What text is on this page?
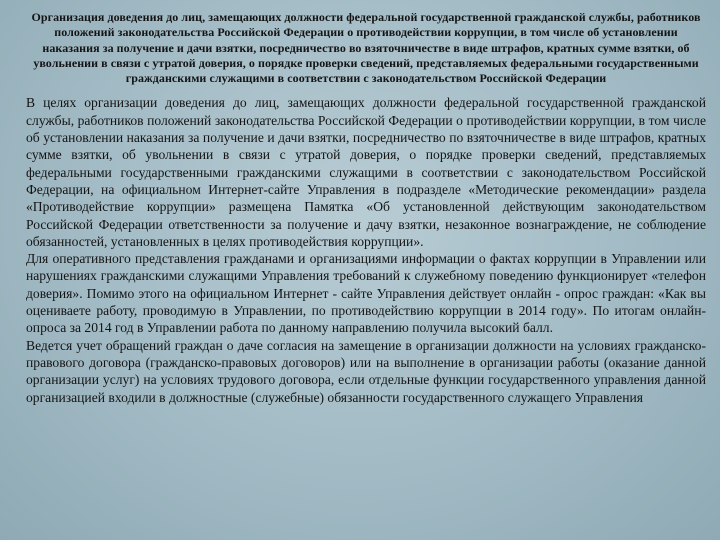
Организация доведения до лиц, замещающих должности федеральной государственной гражданской службы, работников положений законодательства Российской Федерации о противодействии коррупции, в том числе об установлении наказания за получение и дачи взятки, посредничество во взяточничестве в виде штрафов, кратных сумме взятки, об увольнении в связи с утратой доверия, о порядке проверки сведений, представляемых федеральными государственными гражданскими служащими в соответствии с законодательством Российской Федерации

В целях организации доведения до лиц, замещающих должности федеральной государственной гражданской службы, работников положений законодательства Российской Федерации о противодействии коррупции, в том числе об установлении наказания за получение и дачи взятки, посредничество по взяточничестве в виде штрафов, кратных сумме взятки, об увольнении в связи с утратой доверия, о порядке проверки сведений, представляемых федеральными государственными гражданскими служащими в соответствии с законодательством Российской Федерации, на официальном Интернет-сайте Управления в подразделе «Методические рекомендации» раздела «Противодействие коррупции» размещена Памятка «Об установленной действующим законодательством Российской Федерации ответственности за получение и дачу взятки, незаконное вознаграждение, не соблюдение обязанностей, установленных в целях противодействия коррупции».

Для оперативного представления гражданами и организациями информации о фактах коррупции в Управлении или нарушениях гражданскими служащими Управления требований к служебному поведению функционирует «телефон доверия». Помимо этого на официальном Интернет - сайте Управления действует онлайн - опрос граждан: «Как вы оцениваете работу, проводимую в Управлении, по противодействию коррупции в 2014 году». По итогам онлайн-опроса за 2014 год в Управлении работа по данному направлению получила высокий балл.

Ведется учет обращений граждан о даче согласия на замещение в организации должности на условиях гражданско-правового договора (гражданско-правовых договоров) или на выполнение в организации работы (оказание данной организации услуг) на условиях трудового договора, если отдельные функции государственного управления данной организацией входили в должностные (служебные) обязанности государственного служащего Управления
